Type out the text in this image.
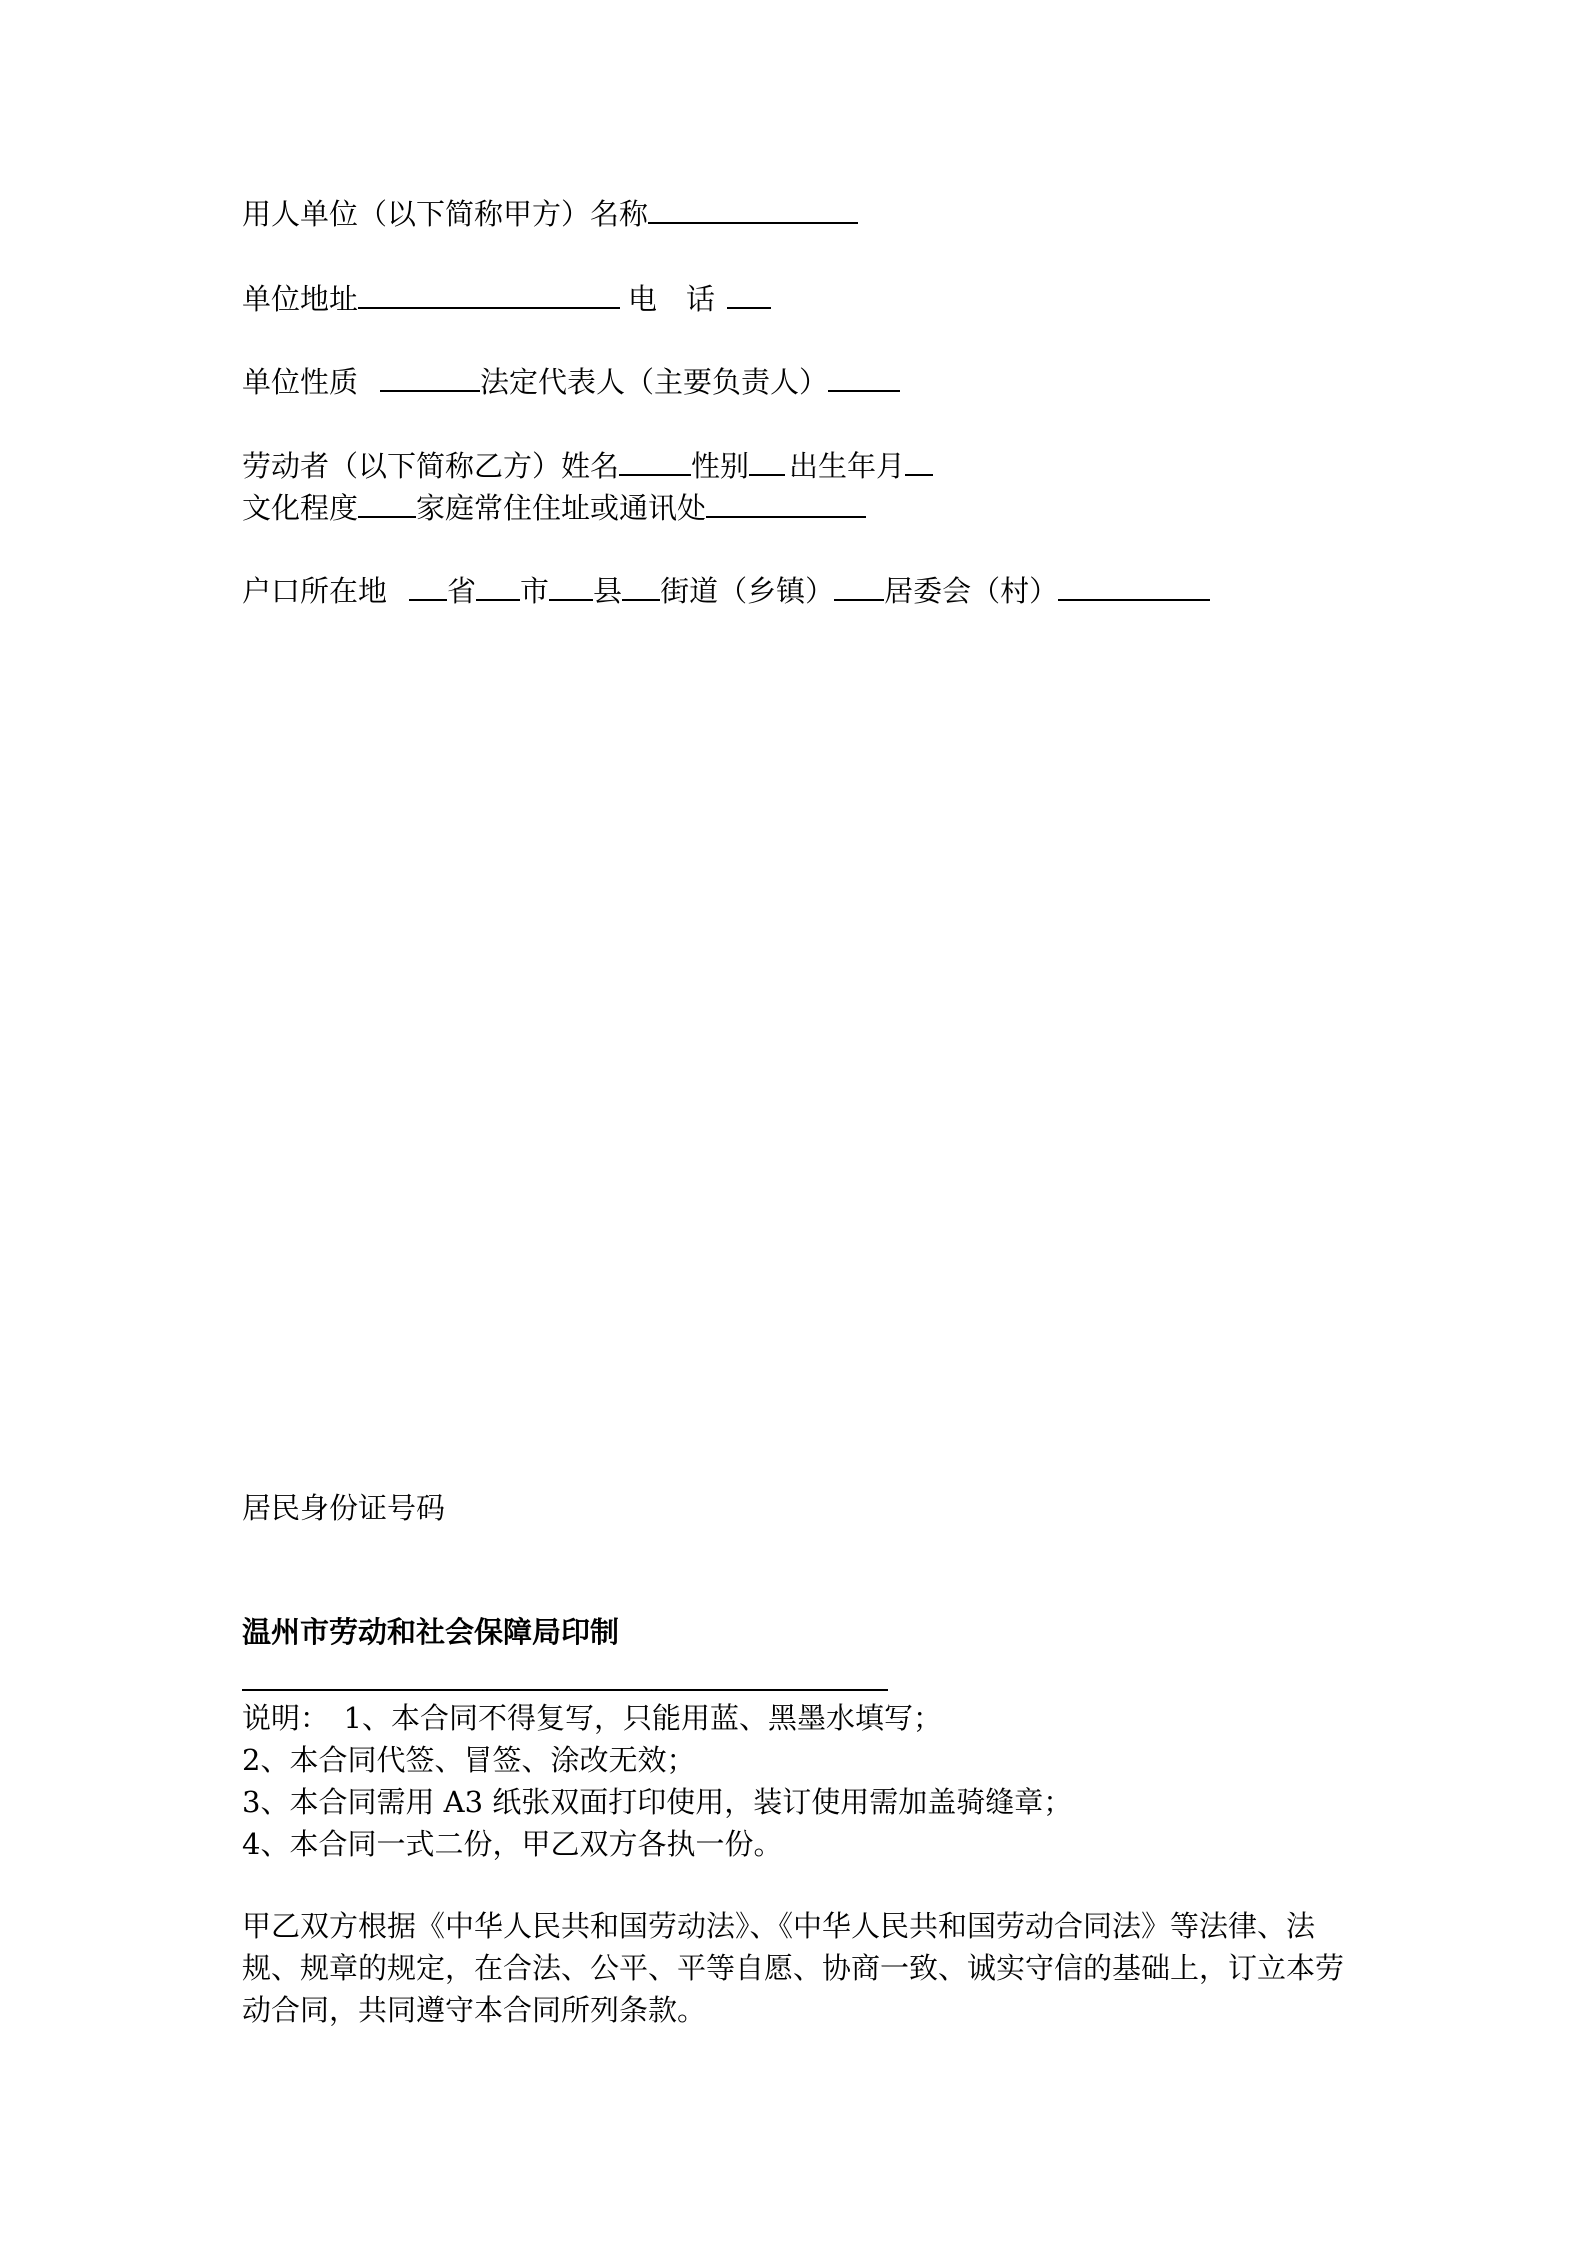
用人单位（以下简称甲方）名称
单位地址	电　话
单位性质	法定代表人（主要负责人）
劳动者（以下简称乙方）姓名 性别 出生年月
文化程度 家庭常住住址或通讯处
户口所在地 省 市 县 街道（乡镇） 居委会（村）
居民身份证号码
温州市劳动和社会保障局印制
说明：　1、本合同不得复写，只能用蓝、黑墨水填写；
2、本合同代签、冒签、涂改无效；
3、本合同需用 A3 纸张双面打印使用，装订使用需加盖骑缝章；
4、本合同一式二份，甲乙双方各执一份。
甲乙双方根据《中华人民共和国劳动法》、《中华人民共和国劳动合同法》等法律、法规、规章的规定，在合法、公平、平等自愿、协商一致、诚实守信的基础上，订立本劳动合同，共同遵守本合同所列条款。
